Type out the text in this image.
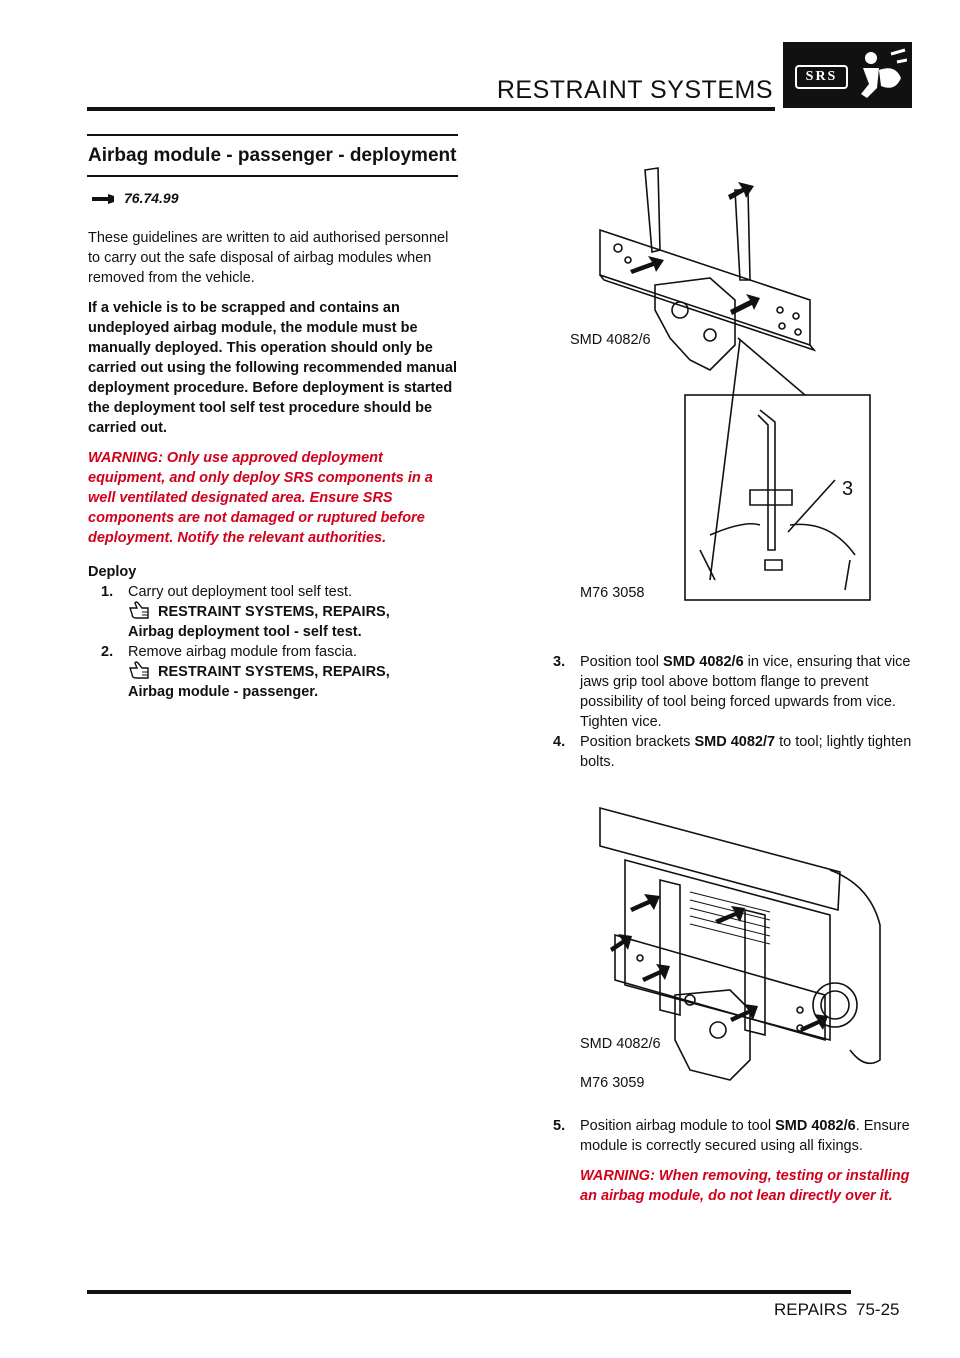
RESTRAINT SYSTEMS	SRS
Airbag module - passenger - deployment
76.74.99

These guidelines are written to aid authorised personnel to carry out the safe disposal of airbag modules when removed from the vehicle.

If a vehicle is to be scrapped and contains an undeployed airbag module, the module must be manually deployed. This operation should only be carried out using the following recommended manual deployment procedure. Before deployment is started the deployment tool self test procedure should be carried out.

WARNING: Only use approved deployment equipment, and only deploy SRS components in a well ventilated designated area. Ensure SRS components are not damaged or ruptured before deployment. Notify the relevant authorities.

Deploy
1. Carry out deployment tool self test.
RESTRAINT SYSTEMS, REPAIRS,
Airbag deployment tool - self test.
2. Remove airbag module from fascia.
RESTRAINT SYSTEMS, REPAIRS,
Airbag module - passenger.
SMD 4082/6
3
M76 3058
3. Position tool SMD 4082/6 in vice, ensuring that vice jaws grip tool above bottom flange to prevent possibility of tool being forced upwards from vice. Tighten vice.
4. Position brackets SMD 4082/7 to tool; lightly tighten bolts.
SMD 4082/6
M76 3059
5. Position airbag module to tool SMD 4082/6. Ensure module is correctly secured using all fixings.
WARNING: When removing, testing or installing an airbag module, do not lean directly over it.
REPAIRS 75-25
